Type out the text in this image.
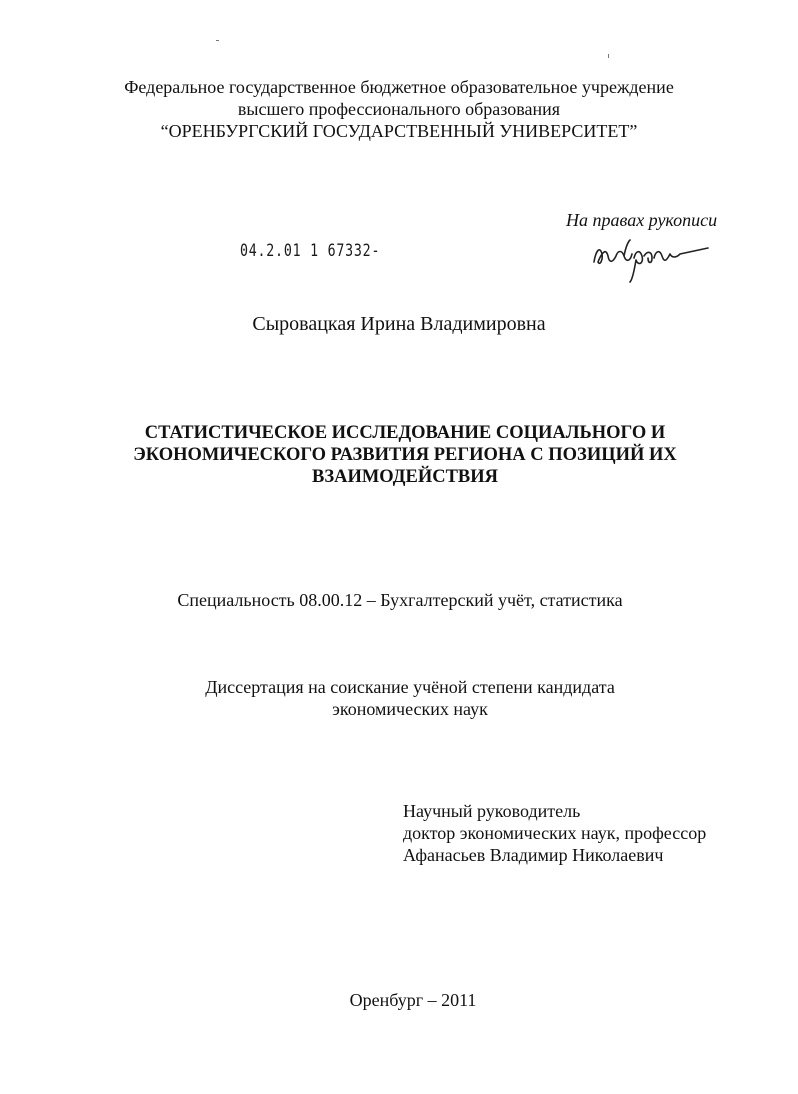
Федеральное государственное бюджетное образовательное учреждение
высшего профессионального образования
“ОРЕНБУРГСКИЙ ГОСУДАРСТВЕННЫЙ УНИВЕРСИТЕТ”
На правах рукописи
04.2.01 1 67332-
Сыровацкая Ирина Владимировна
СТАТИСТИЧЕСКОЕ ИССЛЕДОВАНИЕ СОЦИАЛЬНОГО И
ЭКОНОМИЧЕСКОГО РАЗВИТИЯ РЕГИОНА С ПОЗИЦИЙ ИХ
ВЗАИМОДЕЙСТВИЯ
Специальность 08.00.12 – Бухгалтерский учёт, статистика
Диссертация на соискание учёной степени кандидата
экономических наук
Научный руководитель
доктор экономических наук, профессор
Афанасьев Владимир Николаевич
Оренбург – 2011
